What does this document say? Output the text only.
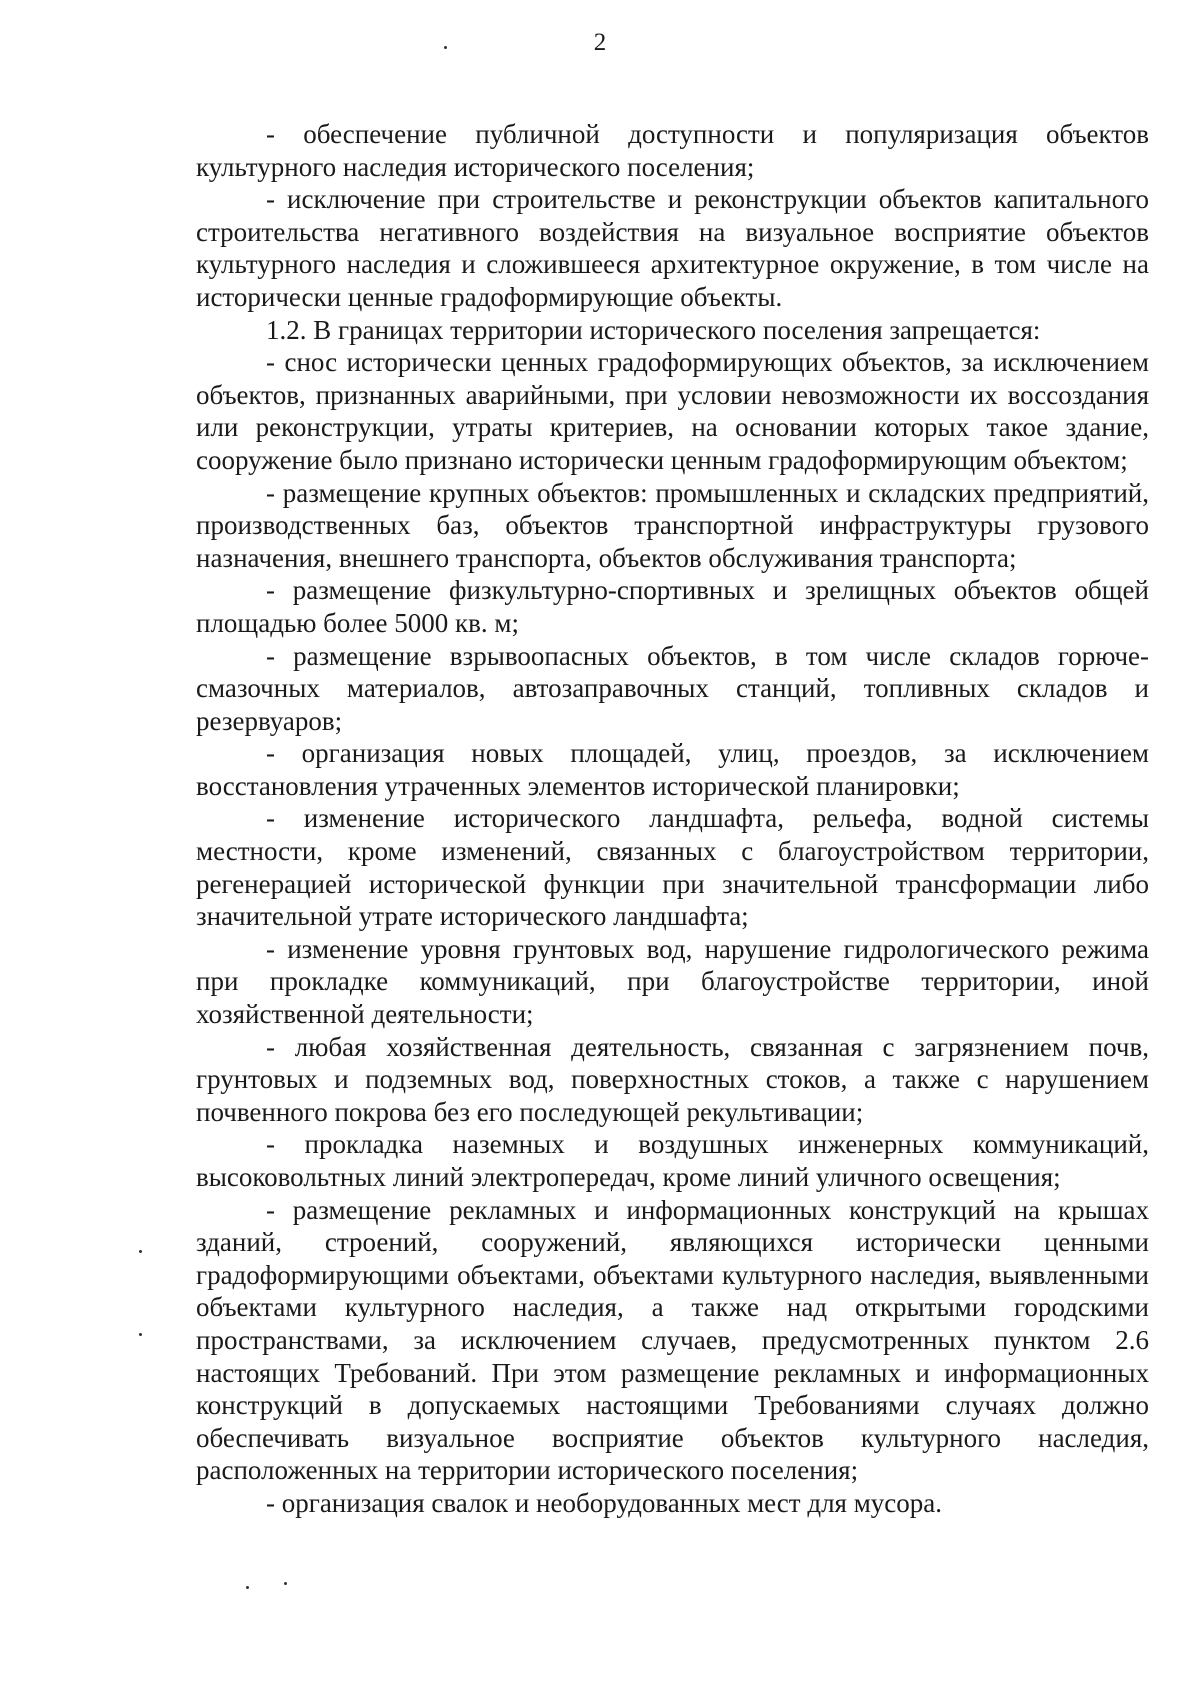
2

- обеспечение публичной доступности и популяризация объектов культурного наследия исторического поселения;

- исключение при строительстве и реконструкции объектов капитального строительства негативного воздействия на визуальное восприятие объектов культурного наследия и сложившееся архитектурное окружение, в том числе на исторически ценные градоформирующие объекты.

1.2. В границах территории исторического поселения запрещается:

- снос исторически ценных градоформирующих объектов, за исключением объектов, признанных аварийными, при условии невозможности их воссоздания или реконструкции, утраты критериев, на основании которых такое здание, сооружение было признано исторически ценным градоформирующим объектом;

- размещение крупных объектов: промышленных и складских предприятий, производственных баз, объектов транспортной инфраструктуры грузового назначения, внешнего транспорта, объектов обслуживания транспорта;

- размещение физкультурно-спортивных и зрелищных объектов общей площадью более 5000 кв. м;

- размещение взрывоопасных объектов, в том числе складов горюче-смазочных материалов, автозаправочных станций, топливных складов и резервуаров;

- организация новых площадей, улиц, проездов, за исключением восстановления утраченных элементов исторической планировки;

- изменение исторического ландшафта, рельефа, водной системы местности, кроме изменений, связанных с благоустройством территории, регенерацией исторической функции при значительной трансформации либо значительной утрате исторического ландшафта;

- изменение уровня грунтовых вод, нарушение гидрологического режима при прокладке коммуникаций, при благоустройстве территории, иной хозяйственной деятельности;

- любая хозяйственная деятельность, связанная с загрязнением почв, грунтовых и подземных вод, поверхностных стоков, а также с нарушением почвенного покрова без его последующей рекультивации;

- прокладка наземных и воздушных инженерных коммуникаций, высоковольтных линий электропередач, кроме линий уличного освещения;

- размещение рекламных и информационных конструкций на крышах зданий, строений, сооружений, являющихся исторически ценными градоформирующими объектами, объектами культурного наследия, выявленными объектами культурного наследия, а также над открытыми городскими пространствами, за исключением случаев, предусмотренных пунктом 2.6 настоящих Требований. При этом размещение рекламных и информационных конструкций в допускаемых настоящими Требованиями случаях должно обеспечивать визуальное восприятие объектов культурного наследия, расположенных на территории исторического поселения;

- организация свалок и необорудованных мест для мусора.
